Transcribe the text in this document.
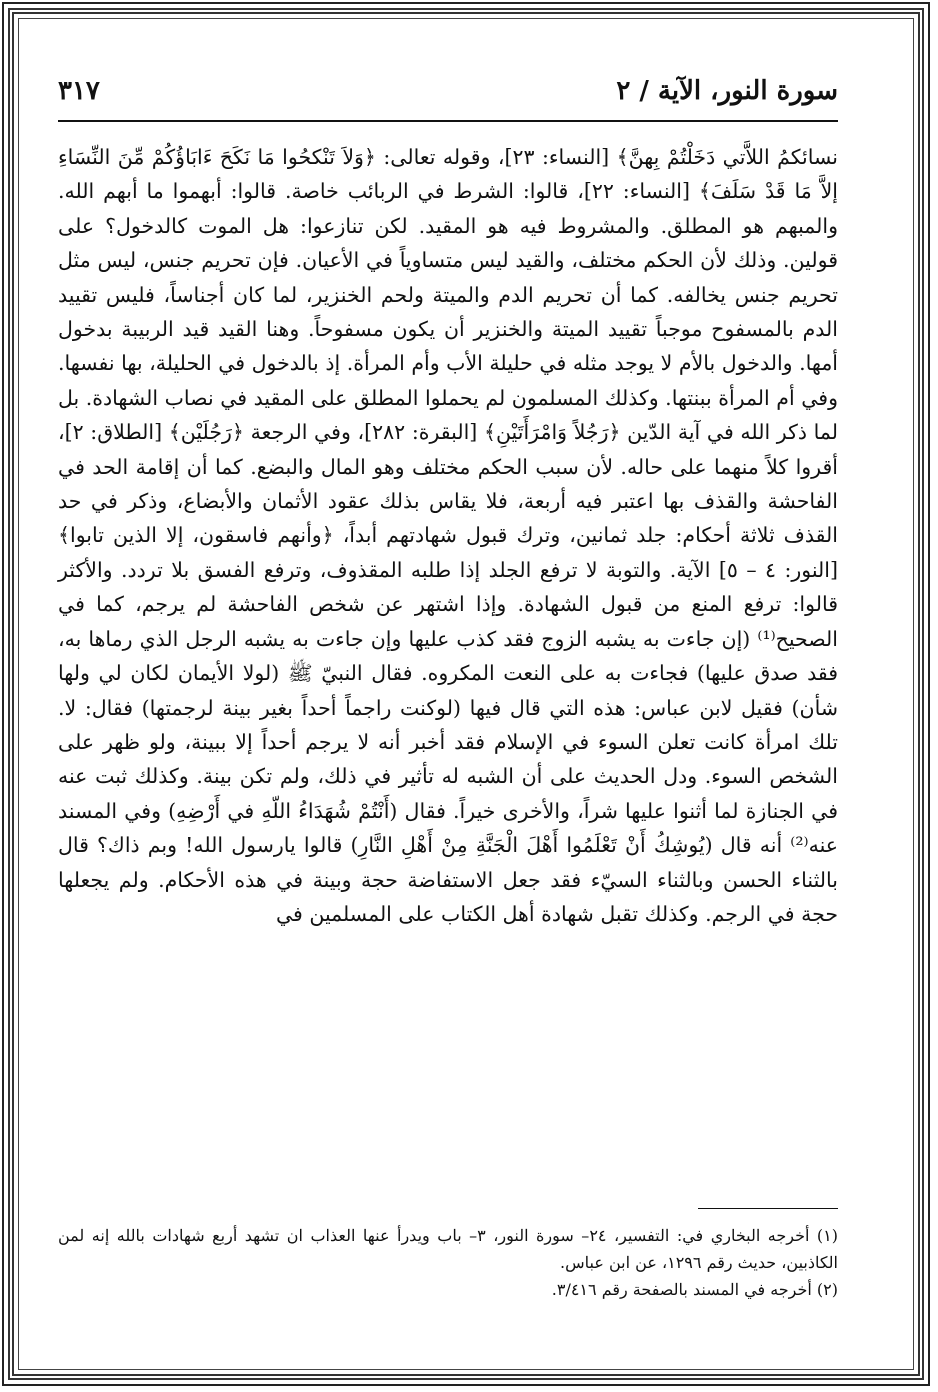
سورة النور، الآية / ٢
٣١٧

نسائكمُ اللاَّتي دَخَلْتُمْ بِهنَّ﴾ [النساء: ٢٣]، وقوله تعالى: ﴿وَلاَ تَنْكحُوا مَا نَكَحَ ءَابَاؤُكُمْ مِّنَ النِّسَاءِ إلاَّ مَا قَدْ سَلَفَ﴾ [النساء: ٢٢]، قالوا: الشرط في الربائب خاصة. قالوا: أبهموا ما أبهم الله. والمبهم هو المطلق. والمشروط فيه هو المقيد. لكن تنازعوا: هل الموت كالدخول؟ على قولين. وذلك لأن الحكم مختلف، والقيد ليس متساوياً في الأعيان. فإن تحريم جنس، ليس مثل تحريم جنس يخالفه. كما أن تحريم الدم والميتة ولحم الخنزير، لما كان أجناساً، فليس تقييد الدم بالمسفوح موجباً تقييد الميتة والخنزير أن يكون مسفوحاً. وهنا القيد قيد الربيبة بدخول أمها. والدخول بالأم لا يوجد مثله في حليلة الأب وأم المرأة. إذ بالدخول في الحليلة، بها نفسها. وفي أم المرأة ببنتها. وكذلك المسلمون لم يحملوا المطلق على المقيد في نصاب الشهادة. بل لما ذكر الله في آية الدّين ﴿رَجُلاً وَامْرَأَتَيْنِ﴾ [البقرة: ٢٨٢]، وفي الرجعة ﴿رَجُلَيْن﴾ [الطلاق: ٢]، أقروا كلاً منهما على حاله. لأن سبب الحكم مختلف وهو المال والبضع. كما أن إقامة الحد في الفاحشة والقذف بها اعتبر فيه أربعة، فلا يقاس بذلك عقود الأثمان والأبضاع، وذكر في حد القذف ثلاثة أحكام: جلد ثمانين، وترك قبول شهادتهم أبداً، ﴿وأنهم فاسقون، إلا الذين تابوا﴾ [النور: ٤ – ٥] الآية. والتوبة لا ترفع الجلد إذا طلبه المقذوف، وترفع الفسق بلا تردد. والأكثر قالوا: ترفع المنع من قبول الشهادة. وإذا اشتهر عن شخص الفاحشة لم يرجم، كما في الصحيح⁽¹⁾ (إن جاءت به يشبه الزوج فقد كذب عليها وإن جاءت به يشبه الرجل الذي رماها به، فقد صدق عليها) فجاءت به على النعت المكروه. فقال النبيّ ﷺ (لولا الأيمان لكان لي ولها شأن) فقيل لابن عباس: هذه التي قال فيها (لوكنت راجماً أحداً بغير بينة لرجمتها) فقال: لا. تلك امرأة كانت تعلن السوء في الإسلام فقد أخبر أنه لا يرجم أحداً إلا ببينة، ولو ظهر على الشخص السوء. ودل الحديث على أن الشبه له تأثير في ذلك، ولم تكن بينة. وكذلك ثبت عنه في الجنازة لما أثنوا عليها شراً، والأخرى خيراً. فقال (أَنْتُمْ شُهَدَاءُ اللّهِ في أَرْضِهِ) وفي المسند عنه⁽²⁾ أنه قال (يُوشِكُ أَنْ تَعْلَمُوا أَهْلَ الْجَنَّةِ مِنْ أَهْلِ النَّارِ) قالوا يارسول الله! وبم ذاك؟ قال بالثناء الحسن وبالثناء السيّء فقد جعل الاستفاضة حجة وبينة في هذه الأحكام. ولم يجعلها حجة في الرجم. وكذلك تقبل شهادة أهل الكتاب على المسلمين في

(١) أخرجه البخاري في: التفسير، ٢٤– سورة النور، ٣– باب ويدرأ عنها العذاب ان تشهد أربع شهادات بالله إنه لمن الكاذبين، حديث رقم ١٢٩٦، عن ابن عباس.

(٢) أخرجه في المسند بالصفحة رقم ٣/٤١٦.
